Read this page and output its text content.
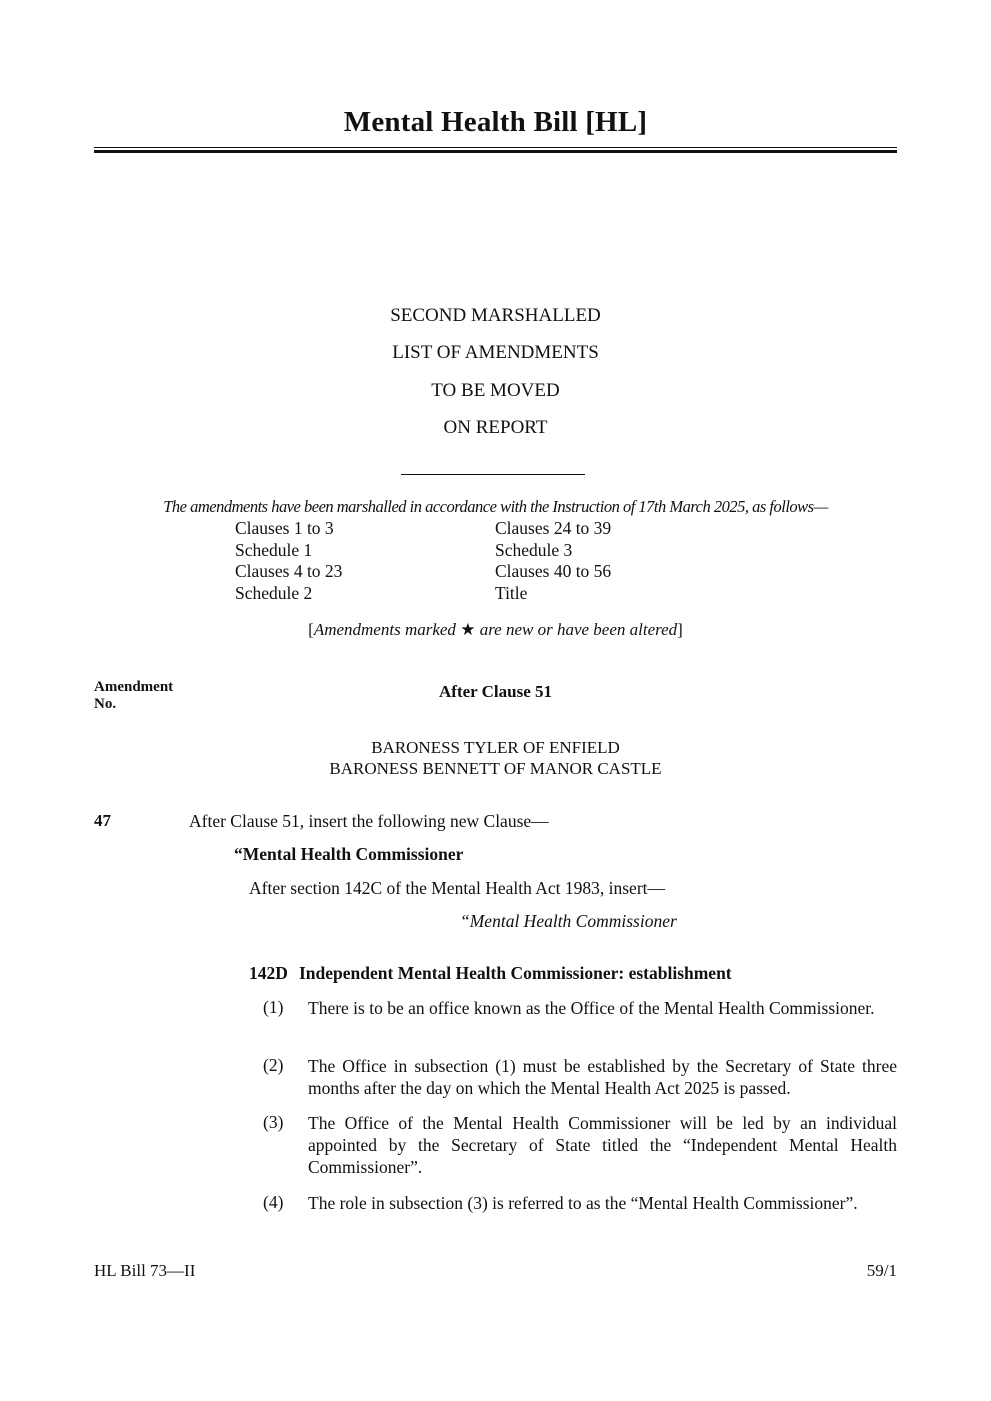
Mental Health Bill [HL]
SECOND MARSHALLED
LIST OF AMENDMENTS
TO BE MOVED
ON REPORT
The amendments have been marshalled in accordance with the Instruction of 17th March 2025, as follows—
Clauses 1 to 3
Schedule 1
Clauses 4 to 23
Schedule 2
Clauses 24 to 39
Schedule 3
Clauses 40 to 56
Title
[Amendments marked ★ are new or have been altered]
Amendment
No.
After Clause 51
BARONESS TYLER OF ENFIELD
BARONESS BENNETT OF MANOR CASTLE
47	After Clause 51, insert the following new Clause—
“Mental Health Commissioner
After section 142C of the Mental Health Act 1983, insert—
“Mental Health Commissioner
142D Independent Mental Health Commissioner: establishment
(1) There is to be an office known as the Office of the Mental Health Commissioner.
(2) The Office in subsection (1) must be established by the Secretary of State three months after the day on which the Mental Health Act 2025 is passed.
(3) The Office of the Mental Health Commissioner will be led by an individual appointed by the Secretary of State titled the “Independent Mental Health Commissioner”.
(4) The role in subsection (3) is referred to as the “Mental Health Commissioner”.
HL Bill 73—II	59/1
